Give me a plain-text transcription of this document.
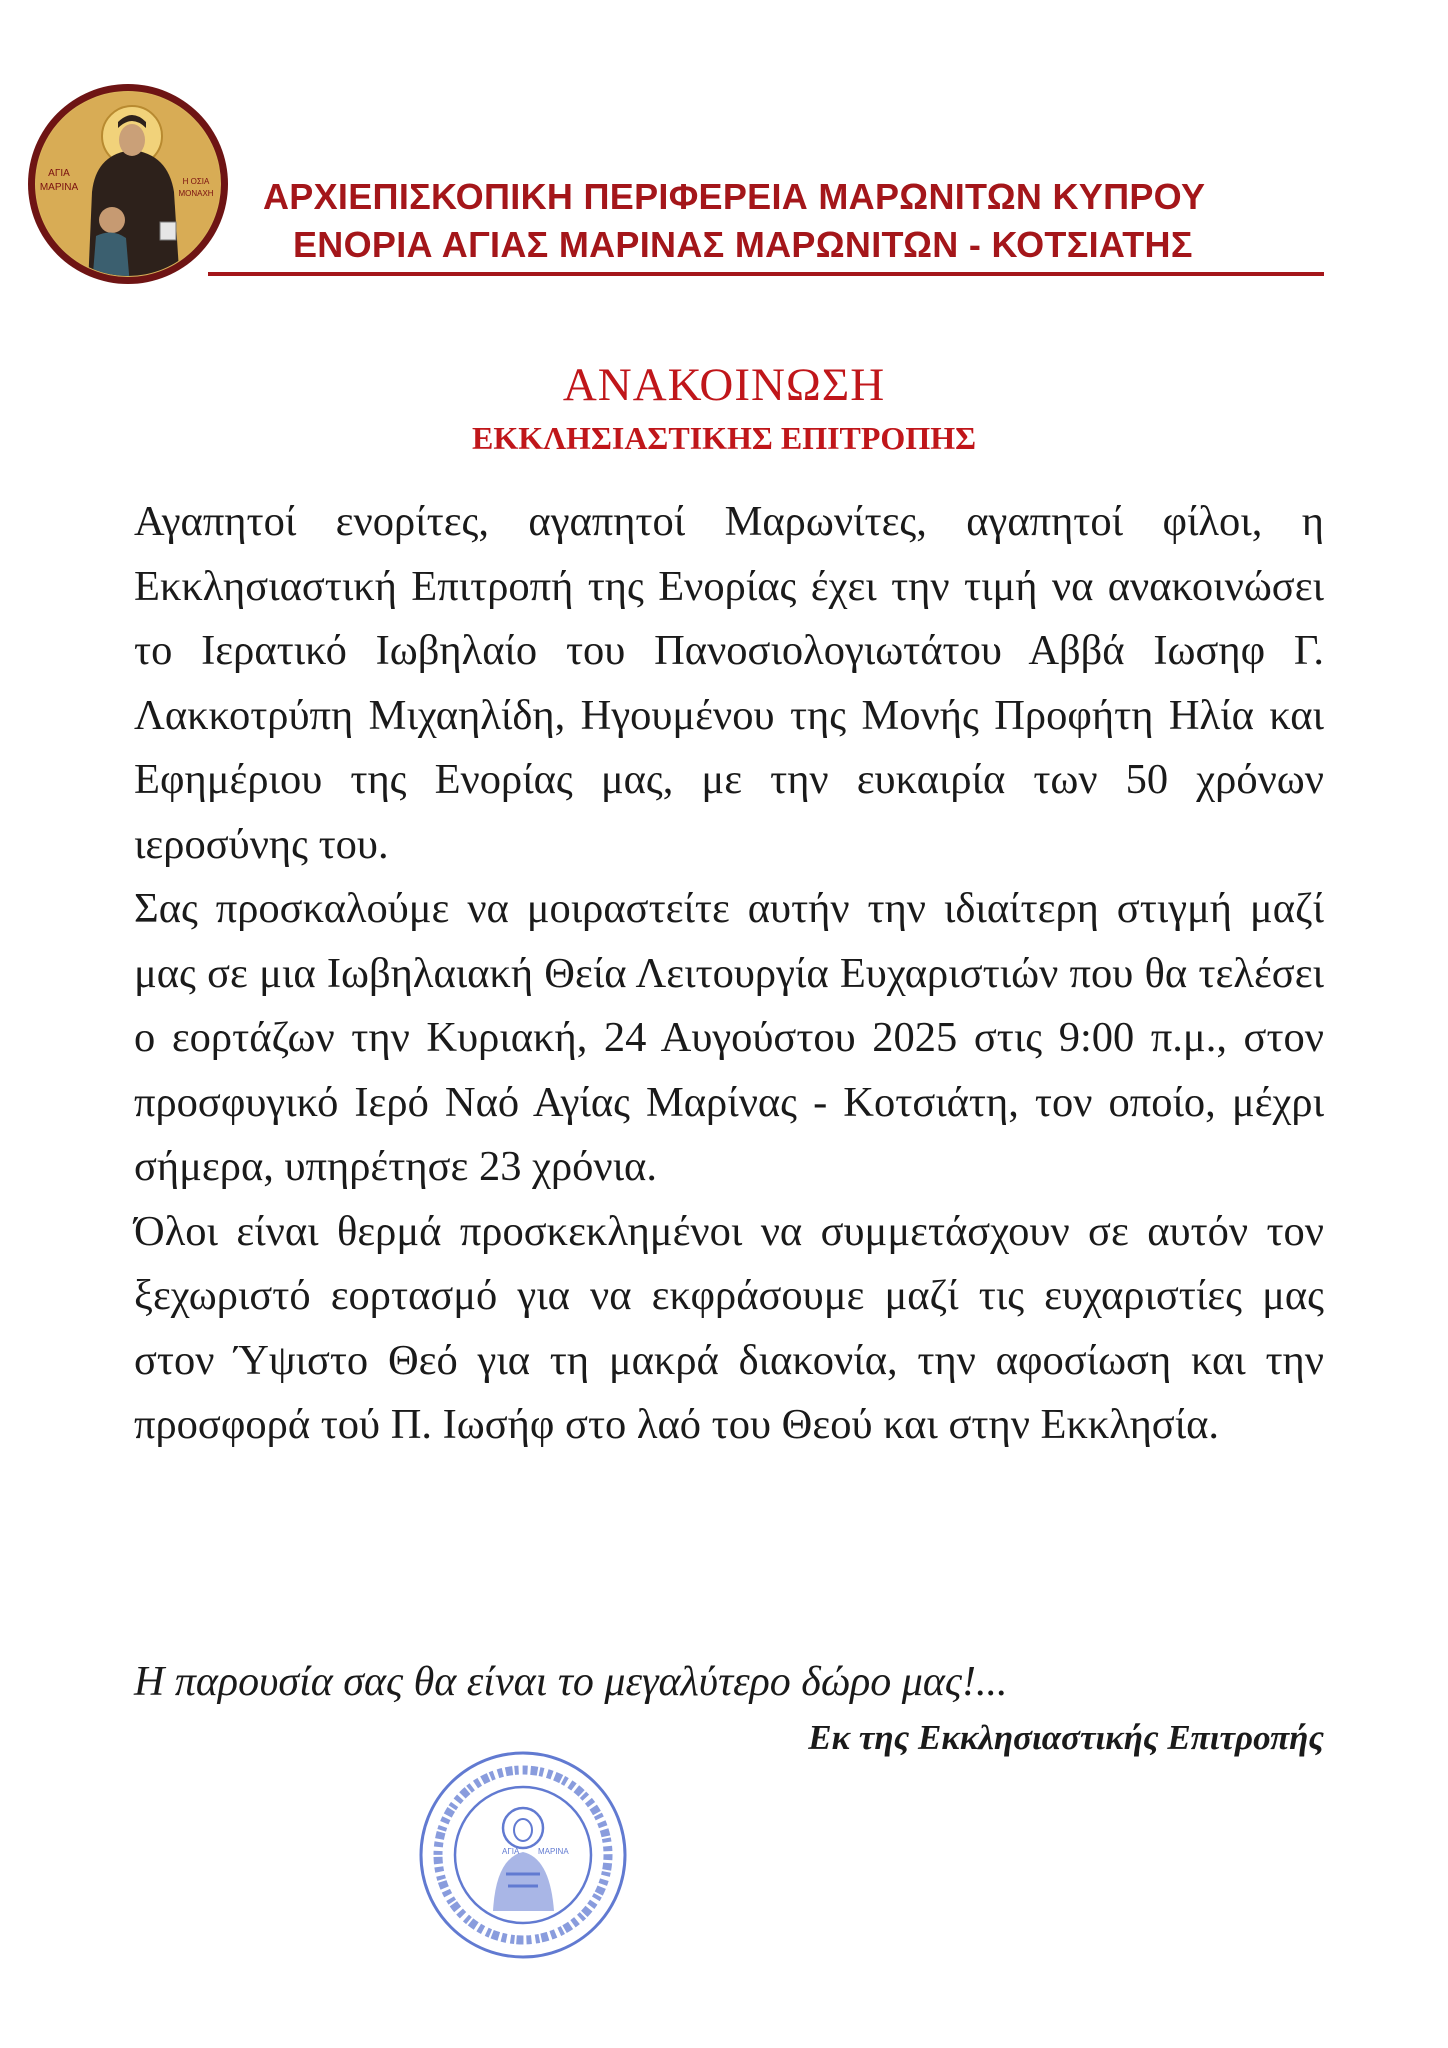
ΑΓΙΑ
ΜΑΡΙΝΑ
Η ΟΣΙΑ
ΜΟΝΑΧΗ ΑΡΧΙΕΠΙΣΚΟΠΙΚΗ ΠΕΡΙΦΕΡΕΙΑ ΜΑΡΩΝΙΤΩΝ ΚΥΠΡΟΥ
ΕΝΟΡΙΑ ΑΓΙΑΣ ΜΑΡΙΝΑΣ ΜΑΡΩΝΙΤΩΝ - ΚΟΤΣΙΑΤΗΣ
ΑΝΑΚΟΙΝΩΣΗ
ΕΚΚΛΗΣΙΑΣΤΙΚΗΣ ΕΠΙΤΡΟΠΗΣ

Αγαπητοί ενορίτες, αγαπητοί Μαρωνίτες, αγαπητοί φίλοι, η Εκκλησιαστική Επιτροπή της Ενορίας έχει την τιμή να ανακοινώσει το Ιερατικό Ιωβηλαίο του Πανοσιολογιωτάτου Αββά Ιωσηφ Γ. Λακκοτρύπη Μιχαηλίδη, Ηγουμένου της Μονής Προφήτη Ηλία και Εφημέριου της Ενορίας μας, με την ευκαιρία των 50 χρόνων ιεροσύνης του.

Σας προσκαλούμε να μοιραστείτε αυτήν την ιδιαίτερη στιγμή μαζί μας σε μια Ιωβηλαιακή Θεία Λειτουργία Ευχαριστιών που θα τελέσει ο εορτάζων την Κυριακή, 24 Αυγούστου 2025 στις 9:00 π.μ., στον προσφυγικό Ιερό Ναό Αγίας Μαρίνας - Κοτσιάτη, τον οποίο, μέχρι σήμερα, υπηρέτησε 23 χρόνια.

Όλοι είναι θερμά προσκεκλημένοι να συμμετάσχουν σε αυτόν τον ξεχωριστό εορτασμό για να εκφράσουμε μαζί τις ευχαριστίες μας στον Ύψιστο Θεό για τη μακρά διακονία, την αφοσίωση και την προσφορά τού Π. Ιωσήφ στο λαό του Θεού και στην Εκκλησία.

Η παρουσία σας θα είναι το μεγαλύτερο δώρο μας!...
Εκ της Εκκλησιαστικής Επιτροπής
ΑΓΙΑ ΜΑΡΙΝΑ
